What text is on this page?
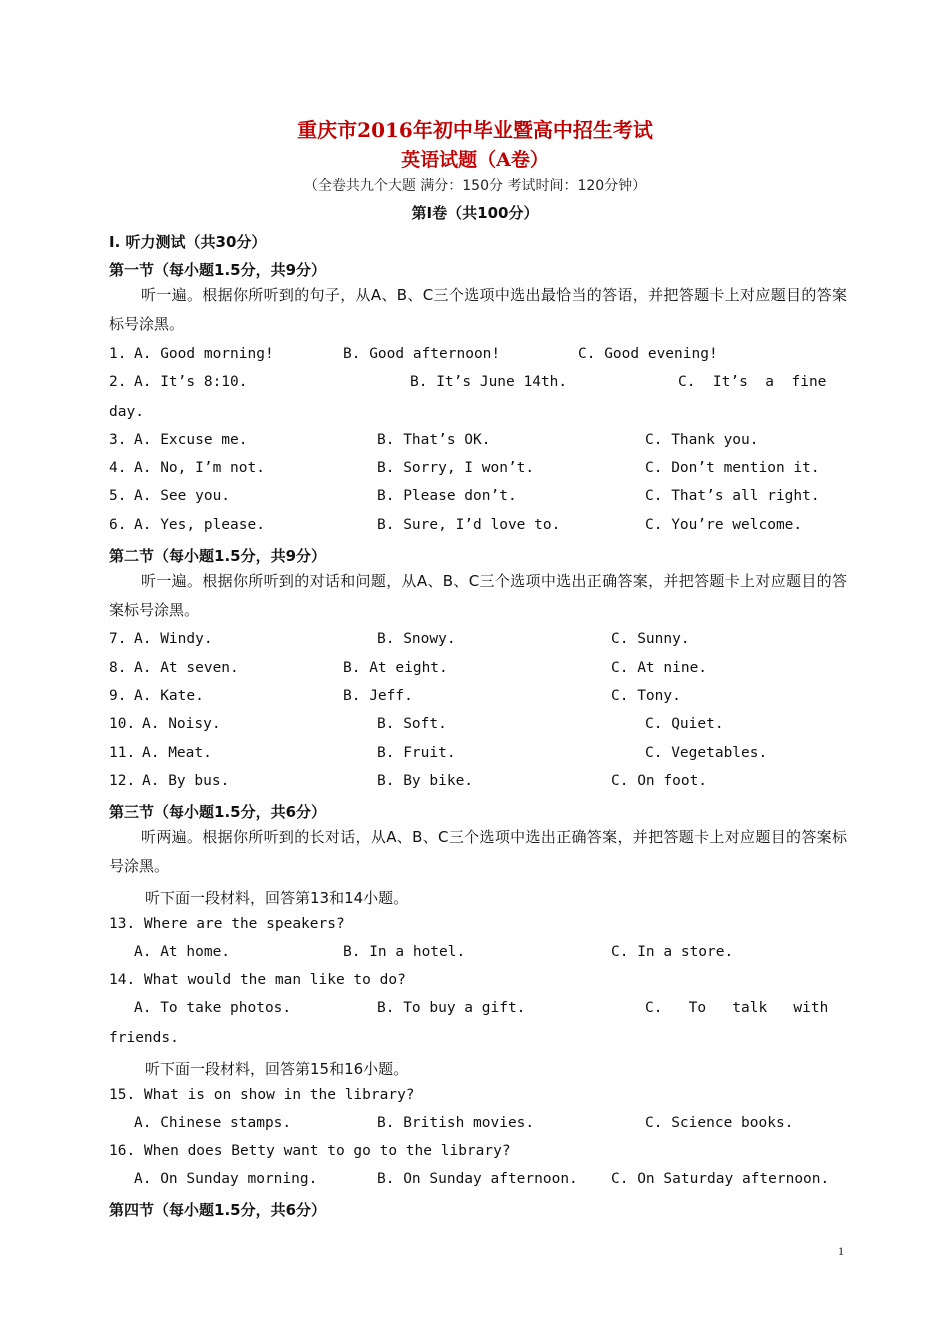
重庆市2016年初中毕业暨高中招生考试
英语试题（A卷）
（全卷共九个大题 满分：150分 考试时间：120分钟）
第Ⅰ卷（共100分）
I. 听力测试（共30分）
第一节（每小题1.5分，共9分）
听一遍。根据你所听到的句子，从A、B、C三个选项中选出最恰当的答语，并把答题卡上对应题目的答案标号涂黑。
1. A. Good morning!	B. Good afternoon!	C. Good evening!
2. A. It’s 8:10.	B. It’s June 14th.	C.  It’s  a  fine
day.
3. A. Excuse me.	B. That’s OK.	C. Thank you.
4. A. No, I’m not.	B. Sorry, I won’t.	C. Don’t mention it.
5. A. See you.	B. Please don’t.	C. That’s all right.
6. A. Yes, please.	B. Sure, I’d love to.	C. You’re welcome.
第二节（每小题1.5分，共9分）
听一遍。根据你所听到的对话和问题，从A、B、C三个选项中选出正确答案，并把答题卡上对应题目的答案标号涂黑。
7. A. Windy.	B. Snowy.	C. Sunny.
8. A. At seven.	B. At eight.	C. At nine.
9. A. Kate.	B. Jeff.	C. Tony.
10. A. Noisy.	B. Soft.	C. Quiet.
11. A. Meat.	B. Fruit.	C. Vegetables.
12. A. By bus.	B. By bike.	C. On foot.
第三节（每小题1.5分，共6分）
听两遍。根据你所听到的长对话，从A、B、C三个选项中选出正确答案，并把答题卡上对应题目的答案标号涂黑。
听下面一段材料，回答第13和14小题。
13. Where are the speakers?
A. At home.	B. In a hotel.	C. In a store.
14. What would the man like to do?
A. To take photos.	B. To buy a gift.	C.   To   talk   with
friends.
听下面一段材料，回答第15和16小题。
15. What is on show in the library?
A. Chinese stamps.	B. British movies.	C. Science books.
16. When does Betty want to go to the library?
A. On Sunday morning.	B. On Sunday afternoon. C. On Saturday afternoon.
第四节（每小题1.5分，共6分）
1
